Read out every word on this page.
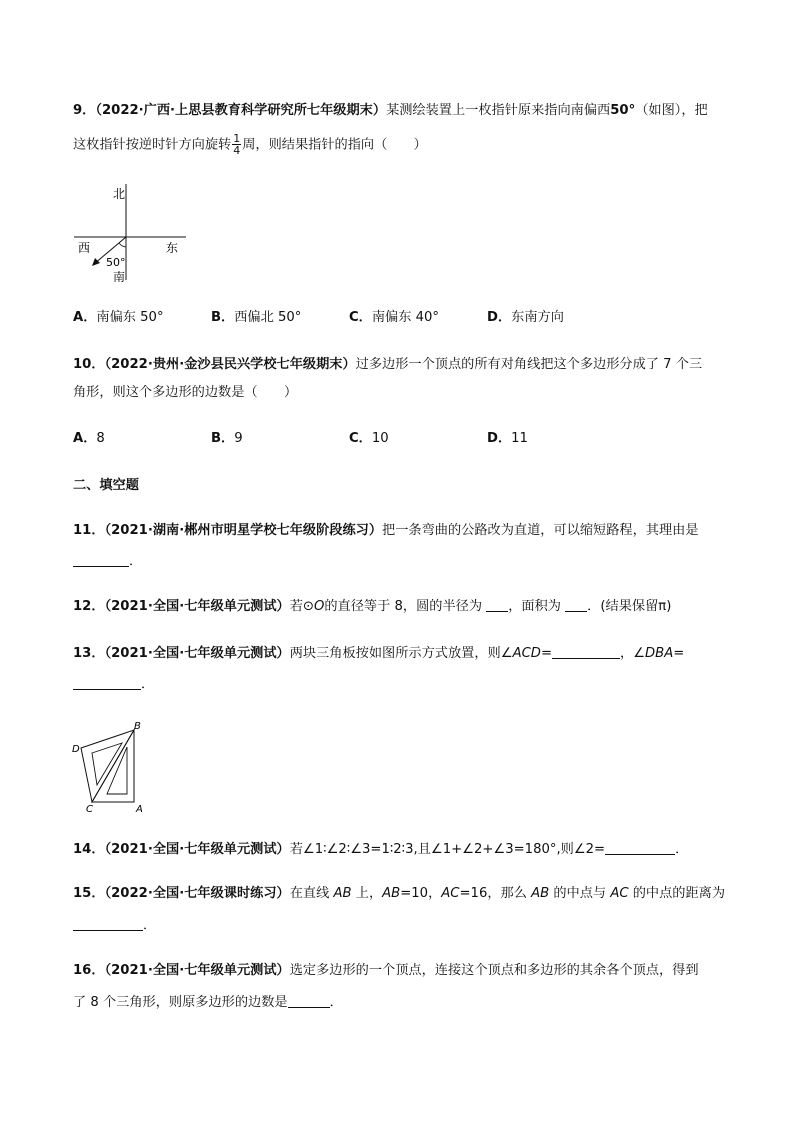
9．（2022·广西·上思县教育科学研究所七年级期末）某测绘装置上一枚指针原来指向南偏西50°（如图），把
这枚指针按逆时针方向旋转 $\frac{1}{4}$ 周，则结果指针的指向（　　）
北
西	东
50°
南
A．南偏东 50°	B．西偏北 50°	C．南偏东 40°	D．东南方向
10．（2022·贵州·金沙县民兴学校七年级期末）过多边形一个顶点的所有对角线把这个多边形分成了 7 个三
角形，则这个多边形的边数是（　　）
A．8	B．9	C．10	D．11
二、填空题
11．（2021·湖南·郴州市明星学校七年级阶段练习）把一条弯曲的公路改为直道，可以缩短路程，其理由是
．
12．（2021·全国·七年级单元测试）若⊙O的直径等于 8，圆的半径为 ，面积为 ．(结果保留π)
13．（2021·全国·七年级单元测试）两块三角板按如图所示方式放置，则∠ACD=	，∠DBA=
．
B
D
C	A
14．（2021·全国·七年级单元测试）若∠1∶∠2∶∠3=1∶2∶3,且∠1+∠2+∠3=180°,则∠2=	．
15．（2022·全国·七年级课时练习）在直线 AB 上，AB=10，AC=16，那么 AB 的中点与 AC 的中点的距离为
．
16．（2021·全国·七年级单元测试）选定多边形的一个顶点，连接这个顶点和多边形的其余各个顶点，得到
了 8 个三角形，则原多边形的边数是	．
